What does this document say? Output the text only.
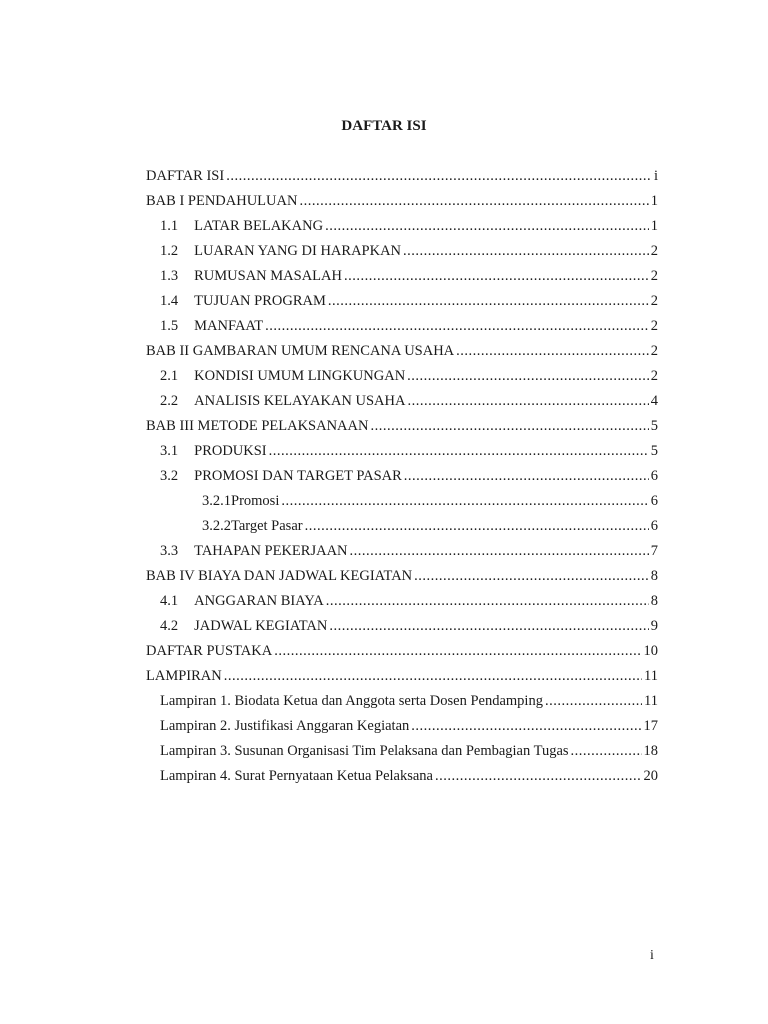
DAFTAR ISI
DAFTAR ISI .....	i
BAB I PENDAHULUAN .....	1
1.1 LATAR BELAKANG .....	1
1.2 LUARAN YANG DI HARAPKAN .....	2
1.3 RUMUSAN MASALAH .....	2
1.4 TUJUAN PROGRAM .....	2
1.5 MANFAAT .....	2
BAB II GAMBARAN UMUM RENCANA USAHA .....	2
2.1 KONDISI UMUM LINGKUNGAN .....	2
2.2 ANALISIS KELAYAKAN USAHA .....	4
BAB III METODE PELAKSANAAN .....	5
3.1 PRODUKSI .....	5
3.2 PROMOSI DAN TARGET PASAR .....	6
3.2.1 Promosi .....	6
3.2.2 Target Pasar .....	6
3.3 TAHAPAN PEKERJAAN .....	7
BAB IV BIAYA DAN JADWAL KEGIATAN .....	8
4.1 ANGGARAN BIAYA .....	8
4.2 JADWAL KEGIATAN .....	9
DAFTAR PUSTAKA .....	10
LAMPIRAN .....	11
Lampiran 1. Biodata Ketua dan Anggota serta Dosen Pendamping .....	11
Lampiran 2. Justifikasi Anggaran Kegiatan .....	17
Lampiran 3. Susunan Organisasi Tim Pelaksana dan Pembagian Tugas .....	18
Lampiran 4. Surat Pernyataan Ketua Pelaksana .....	20
i
